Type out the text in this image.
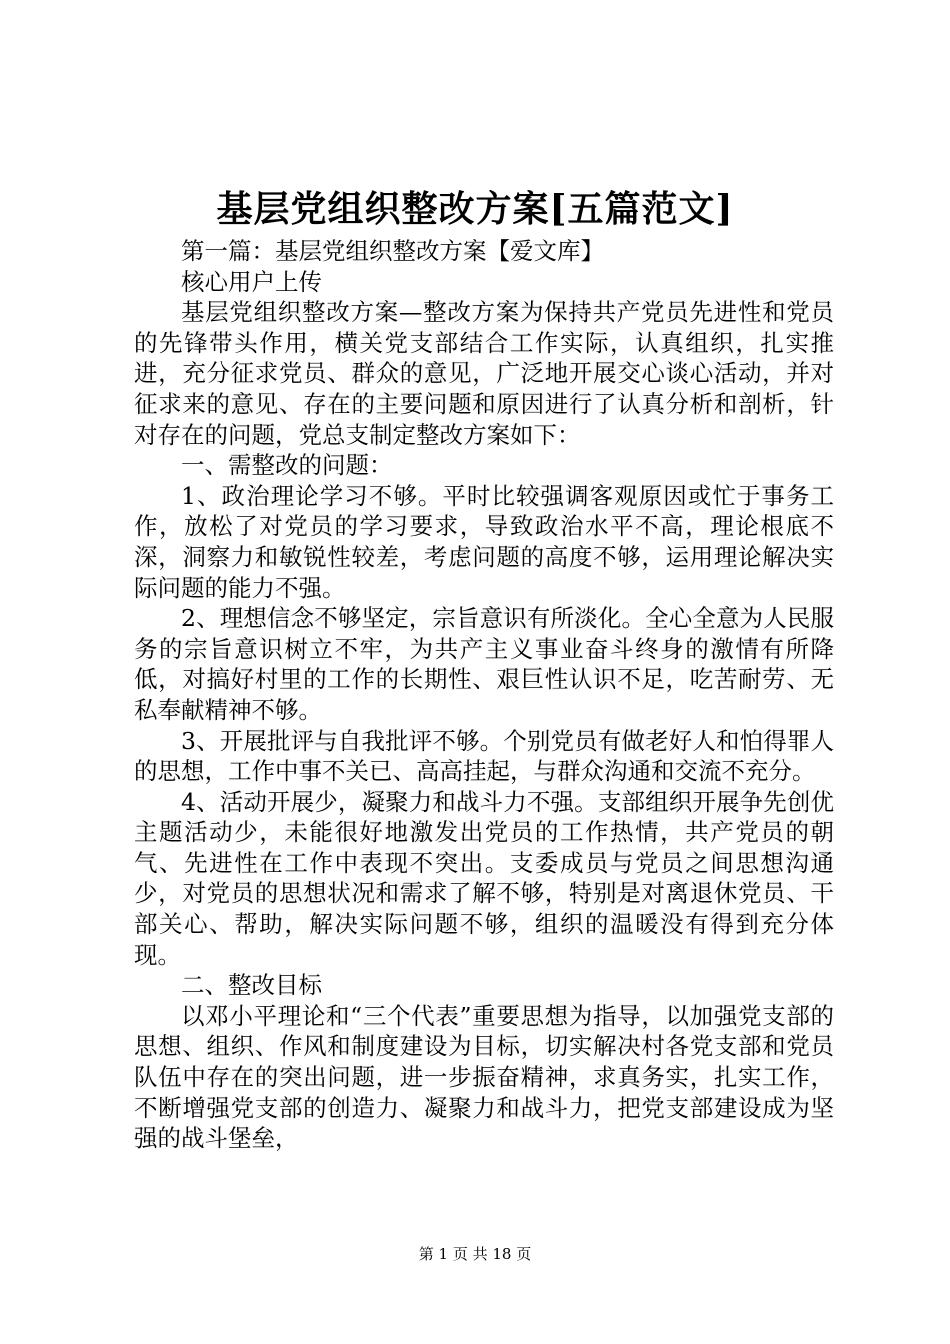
基层党组织整改方案[五篇范文]

第一篇：基层党组织整改方案【爱文库】

核心用户上传

基层党组织整改方案—整改方案为保持共产党员先进性和党员的先锋带头作用，横关党支部结合工作实际，认真组织，扎实推进，充分征求党员、群众的意见，广泛地开展交心谈心活动，并对征求来的意见、存在的主要问题和原因进行了认真分析和剖析，针对存在的问题，党总支制定整改方案如下：

一、需整改的问题：

1、政治理论学习不够。平时比较强调客观原因或忙于事务工作，放松了对党员的学习要求，导致政治水平不高，理论根底不深，洞察力和敏锐性较差，考虑问题的高度不够，运用理论解决实际问题的能力不强。

2、理想信念不够坚定，宗旨意识有所淡化。全心全意为人民服务的宗旨意识树立不牢，为共产主义事业奋斗终身的激情有所降低，对搞好村里的工作的长期性、艰巨性认识不足，吃苦耐劳、无私奉献精神不够。

3、开展批评与自我批评不够。个别党员有做老好人和怕得罪人的思想，工作中事不关已、高高挂起，与群众沟通和交流不充分。

4、活动开展少，凝聚力和战斗力不强。支部组织开展争先创优主题活动少，未能很好地激发出党员的工作热情，共产党员的朝气、先进性在工作中表现不突出。支委成员与党员之间思想沟通少，对党员的思想状况和需求了解不够，特别是对离退休党员、干部关心、帮助，解决实际问题不够，组织的温暖没有得到充分体现。

二、整改目标

以邓小平理论和“三个代表”重要思想为指导，以加强党支部的思想、组织、作风和制度建设为目标，切实解决村各党支部和党员队伍中存在的突出问题，进一步振奋精神，求真务实，扎实工作，不断增强党支部的创造力、凝聚力和战斗力，把党支部建设成为坚强的战斗堡垒，

第 1 页 共 18 页
